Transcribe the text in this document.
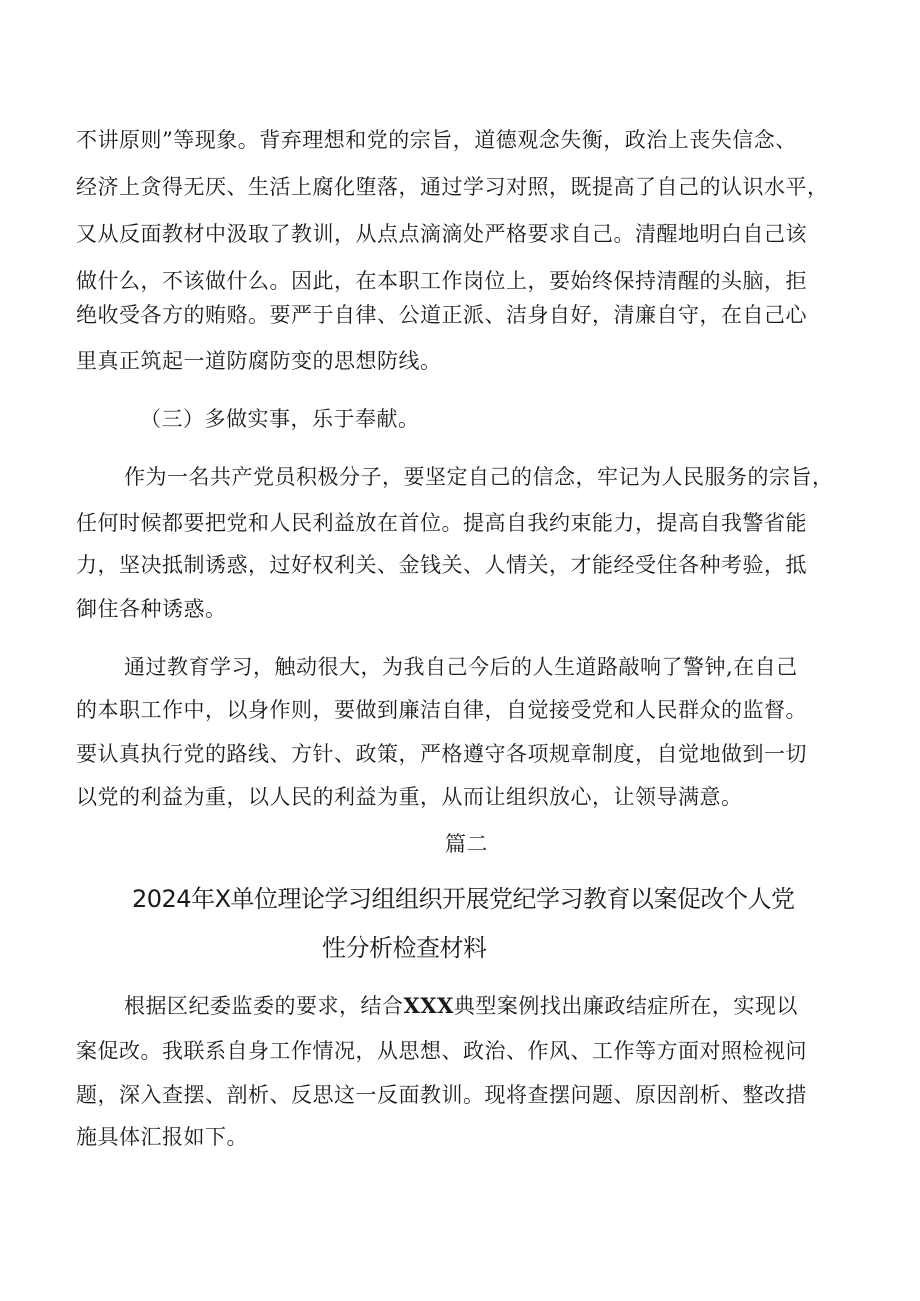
不讲原则”等现象。背弃理想和党的宗旨，道德观念失衡，政治上丧失信念、
经济上贪得无厌、生活上腐化堕落，通过学习对照，既提高了自己的认识水平，
又从反面教材中汲取了教训，从点点滴滴处严格要求自己。清醒地明白自己该
做什么，不该做什么。因此，在本职工作岗位上，要始终保持清醒的头脑，拒
绝收受各方的贿赂。要严于自律、公道正派、洁身自好，清廉自守，在自己心
里真正筑起一道防腐防变的思想防线。
（三）多做实事，乐于奉献。
作为一名共产党员积极分子，要坚定自己的信念，牢记为人民服务的宗旨，
任何时候都要把党和人民利益放在首位。提高自我约束能力，提高自我警省能
力，坚决抵制诱惑，过好权利关、金钱关、人情关，才能经受住各种考验，抵
御住各种诱惑。
通过教育学习，触动很大，为我自己今后的人生道路敲响了警钟,在自己
的本职工作中，以身作则，要做到廉洁自律，自觉接受党和人民群众的监督。
要认真执行党的路线、方针、政策，严格遵守各项规章制度，自觉地做到一切
以党的利益为重，以人民的利益为重，从而让组织放心，让领导满意。
篇二
2024年X单位理论学习组组织开展党纪学习教育以案促改个人党
性分析检查材料
根据区纪委监委的要求，结合XXX典型案例找出廉政结症所在，实现以
案促改。我联系自身工作情况，从思想、政治、作风、工作等方面对照检视问
题，深入查摆、剖析、反思这一反面教训。现将查摆问题、原因剖析、整改措
施具体汇报如下。
